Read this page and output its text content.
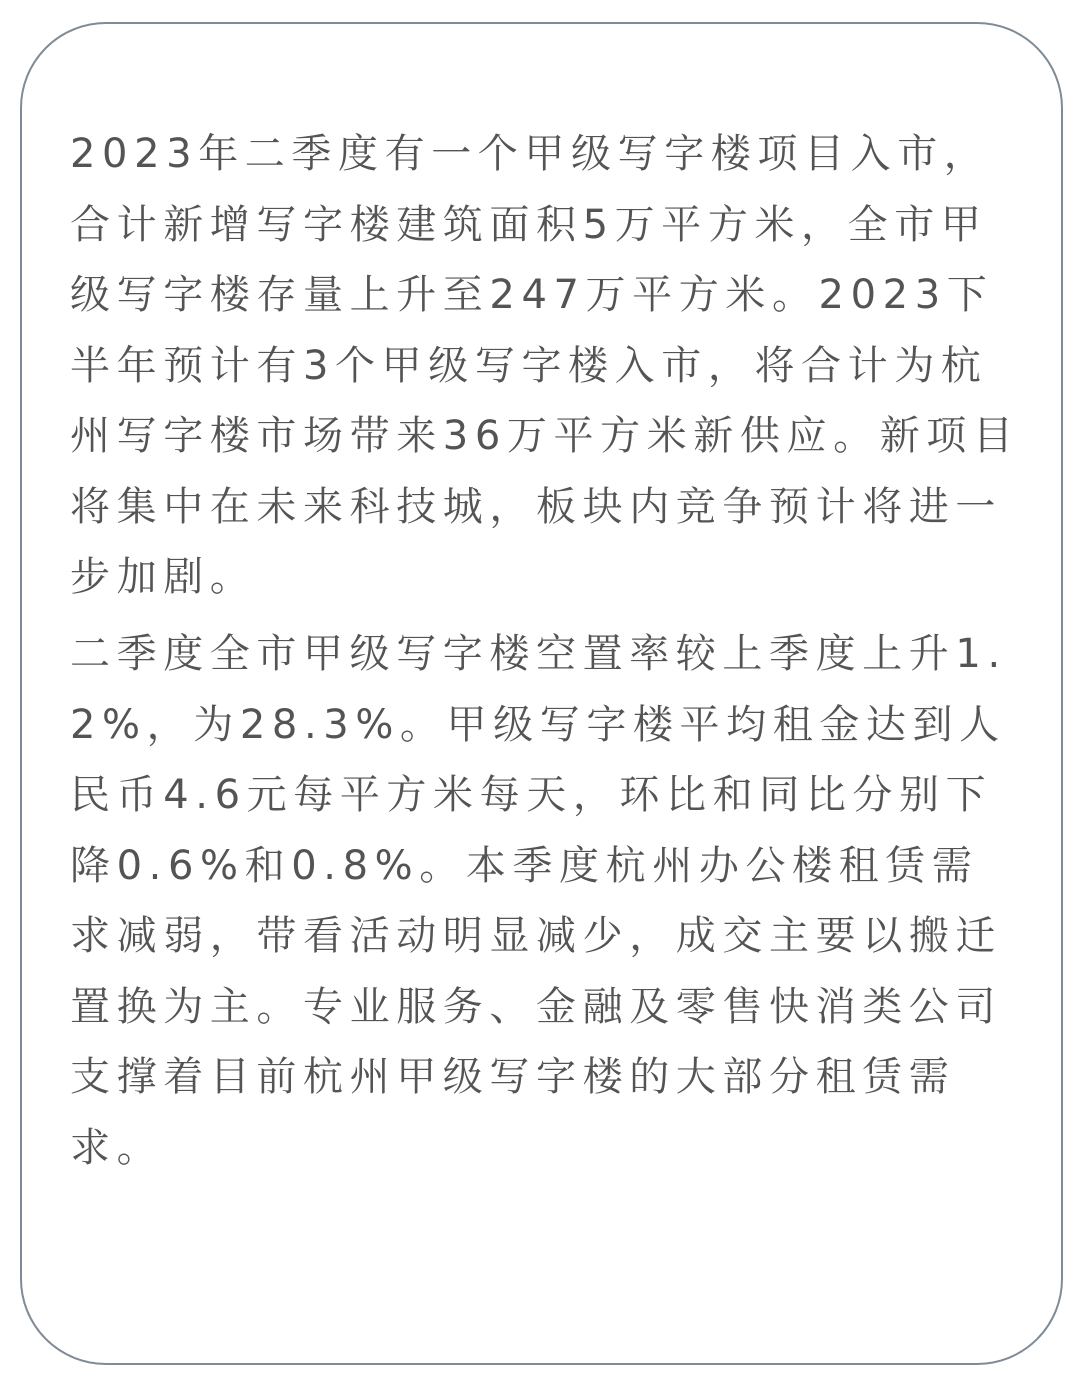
2023年二季度有一个甲级写字楼项目入市，合计新增写字楼建筑面积5万平方米，全市甲级写字楼存量上升至247万平方米。2023下半年预计有3个甲级写字楼入市，将合计为杭州写字楼市场带来36万平方米新供应。新项目将集中在未来科技城，板块内竞争预计将进一步加剧。

二季度全市甲级写字楼空置率较上季度上升1.2%，为28.3%。甲级写字楼平均租金达到人民币4.6元每平方米每天，环比和同比分别下降0.6%和0.8%。本季度杭州办公楼租赁需求减弱，带看活动明显减少，成交主要以搬迁置换为主。专业服务、金融及零售快消类公司支撑着目前杭州甲级写字楼的大部分租赁需求。
